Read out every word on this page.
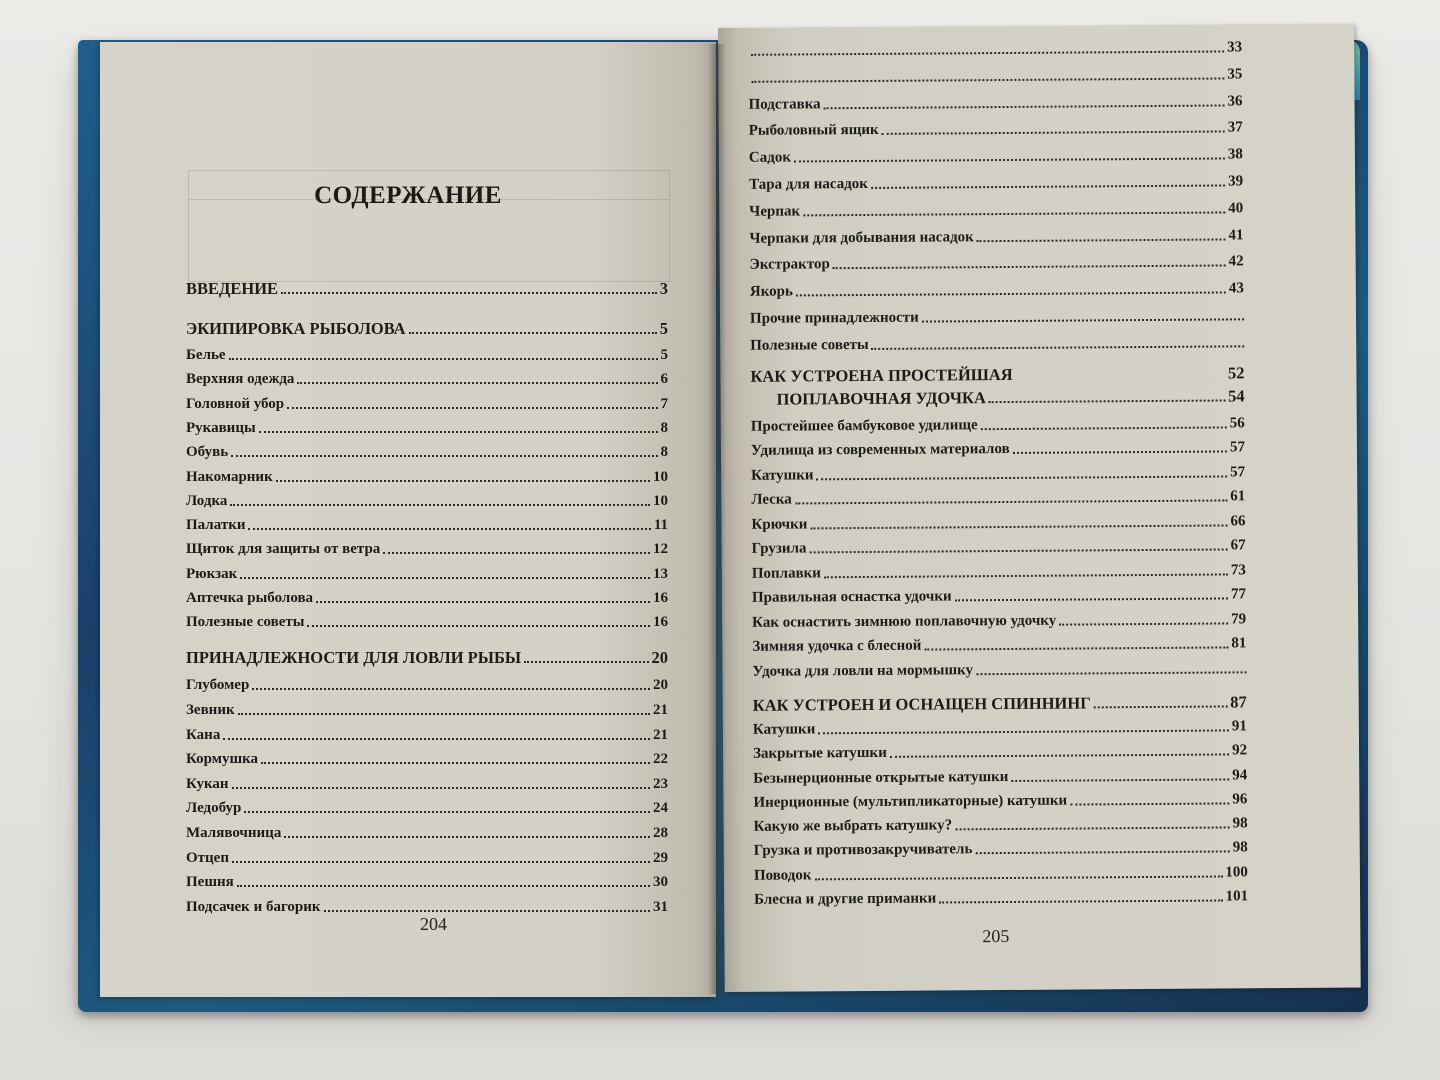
СОДЕРЖАНИЕ
ВВЕДЕНИЕ	3
ЭКИПИРОВКА РЫБОЛОВА	5
Белье	5
Верхняя одежда	6
Головной убор	7
Рукавицы	8
Обувь	8
Накомарник	10
Лодка	10
Палатки	11
Щиток для защиты от ветра	12
Рюкзак	13
Аптечка рыболова	16
Полезные советы	16
ПРИНАДЛЕЖНОСТИ ДЛЯ ЛОВЛИ РЫБЫ	20
Глубомер	20
Зевник	21
Кана	21
Кормушка	22
Кукан	23
Ледобур	24
Малявочница	28
Отцеп	29
Пешня	30
Подсачек и багорик	31
204
33
35
Подставка	36
Рыболовный ящик	37
Садок	38
Тара для насадок	39
Черпак	40
Черпаки для добывания насадок	41
Экстрактор	42
Якорь	43
Прочие принадлежности
Полезные советы
КАК УСТРОЕНА ПРОСТЕЙШАЯ	52
ПОПЛАВОЧНАЯ УДОЧКА	54
Простейшее бамбуковое удилище	56
Удилища из современных материалов	57
Катушки	57
Леска	61
Крючки	66
Грузила	67
Поплавки	73
Правильная оснастка удочки	77
Как оснастить зимнюю поплавочную удочку	79
Зимняя удочка с блесной	81
Удочка для ловли на мормышку
КАК УСТРОЕН И ОСНАЩЕН СПИННИНГ	87
Катушки	91
Закрытые катушки	92
Безынерционные открытые катушки	94
Инерционные (мультипликаторные) катушки	96
Какую же выбрать катушку?	98
Грузка и противозакручиватель	98
Поводок	100
Блесна и другие приманки	101
205
